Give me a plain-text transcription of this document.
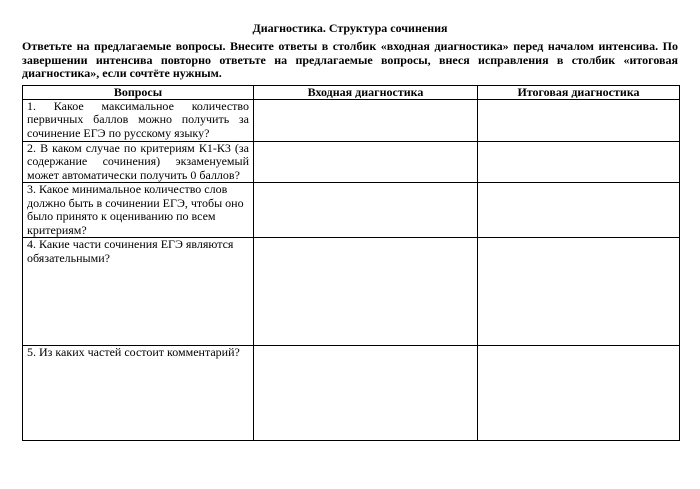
Диагностика. Структура сочинения
Ответьте на предлагаемые вопросы. Внесите ответы в столбик «входная диагностика» перед началом интенсива. По завершении интенсива повторно ответьте на предлагаемые вопросы, внеся исправления в столбик «итоговая диагностика», если сочтёте нужным.
Вопросы	Входная диагностика	Итоговая диагностика
1. Какое максимальное количество первичных баллов можно получить за сочинение ЕГЭ по русскому языку?		
2. В каком случае по критериям К1-К3 (за содержание сочинения) экзаменуемый может автоматически получить 0 баллов?		
3. Какое минимальное количество слов должно быть в сочинении ЕГЭ, чтобы оно было принято к оцениванию по всем критериям?		
4. Какие части сочинения ЕГЭ являются обязательными?		
5. Из каких частей состоит комментарий?		
